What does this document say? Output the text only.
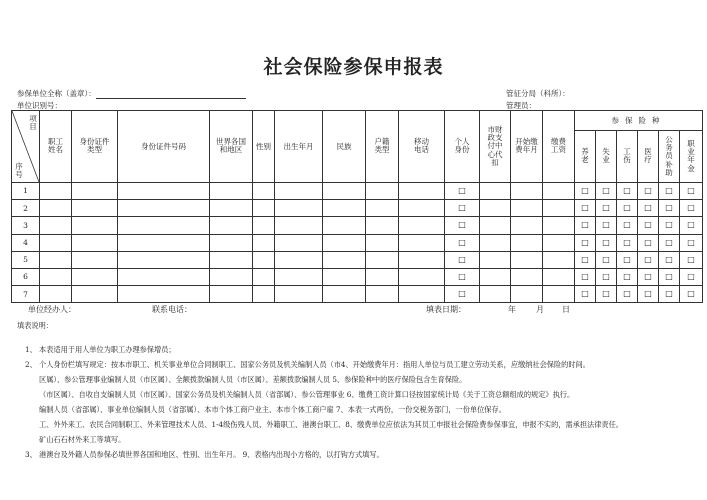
社会保险参保申报表
参保单位全称（盖章）：
单位识别号：
管征分局（科所）：
管理员：
项目
序号	职工姓名	身份证件类型	身份证件号码	世界各国和地区	性别	出生年月	民族	户籍类型	移动电话	个人身份	市财政支付中心代扣	开始缴费年月	缴费工资	参保险种					
														养老	失业	工伤	医疗	公务员补助	职业年金
1										□				□	□	□	□	□	□
2										□				□	□	□	□	□	□
3										□				□	□	□	□	□	□
4										□				□	□	□	□	□	□
5										□				□	□	□	□	□	□
6										□				□	□	□	□	□	□
7										□				□	□	□	□	□	□
单位经办人：	联系电话：	填表日期：	年	月 日
填表说明：
1、 本表适用于用人单位为职工办理参保增员；
2、 个人身份栏填写规定：按本市职工、机关事业单位合同制职工、国家公务员及机关编制人员（市4、开始缴费年月：指用人单位与员工建立劳动关系，应缴纳社会保险的时间。
区属）、参公管理事业编制人员（市区属）、全额拨款编制人员（市区属）、差额拨款编制人员 5、参保险种中的医疗保险包含生育保险。
（市区属）、自收自支编制人员（市区属）、国家公务员及机关编制人员（省部属）、参公管理事业 6、缴费工资计算口径按国家统计局《关于工资总额组成的规定》执行。
编制人员（省部属）、事业单位编制人员（省部属）、本市个体工商户业主、本市个体工商户雇 7、本表一式两份，一份交税务部门，一份单位保存。
工、外外来工、农民合同制职工、外来管理技术人员、1-4级伤残人员、外籍职工、港澳台职工、8、缴费单位应依法为其员工申报社会保险费参保事宜，申报不实的，需承担法律责任。
矿山石石材外来工等填写。
3、 港澳台及外籍人员参保必填世界各国和地区、性别、出生年月。 9、表格内出现小方格的，以打钩方式填写。
